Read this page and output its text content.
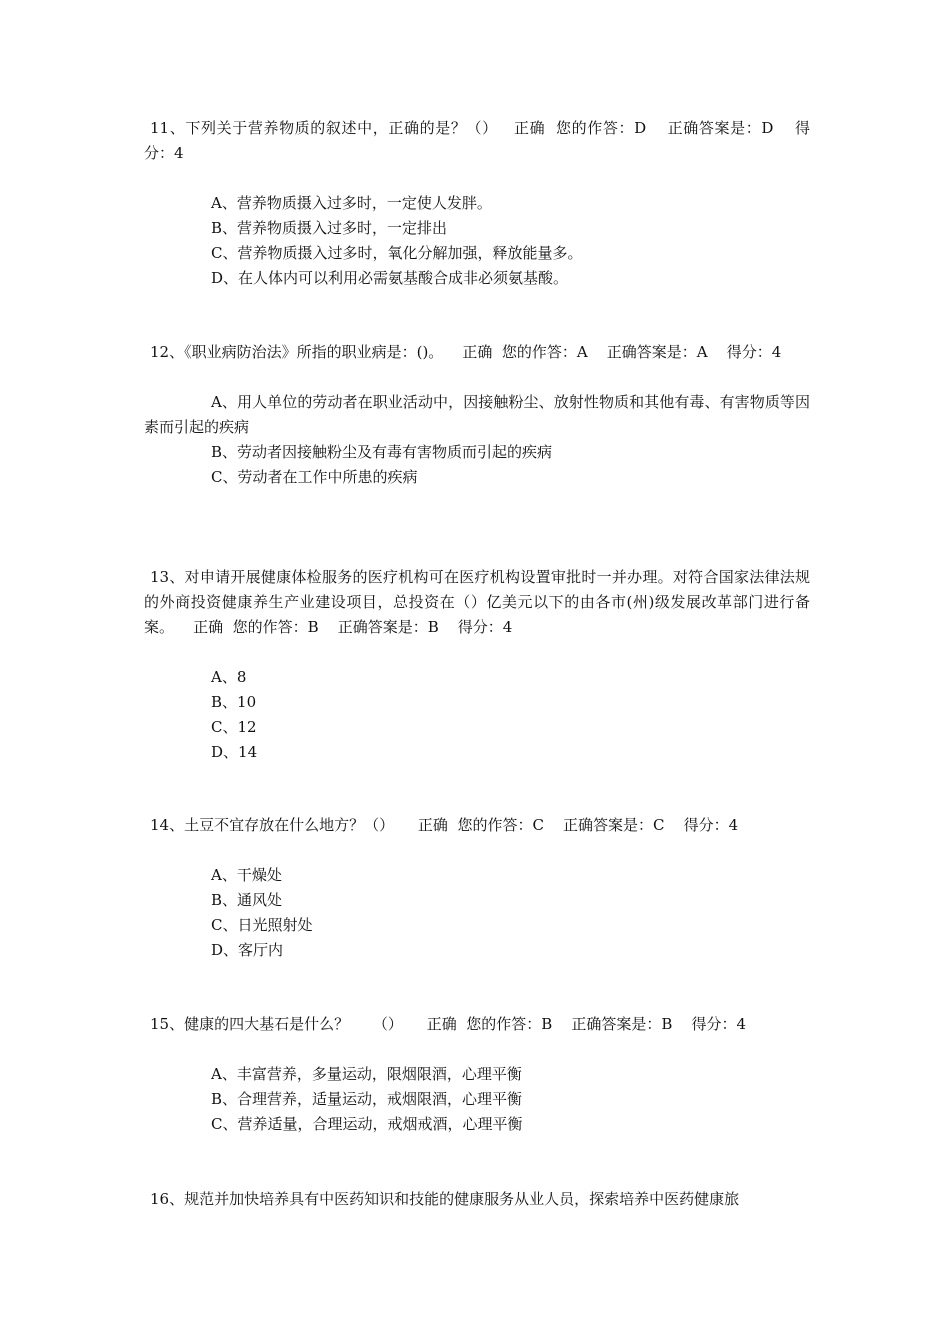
11、下列关于营养物质的叙述中，正确的是？（）   正确  您的作答：D    正确答案是：D    得分：4

A、营养物质摄入过多时，一定使人发胖。

B、营养物质摄入过多时，一定排出

C、营养物质摄入过多时，氧化分解加强，释放能量多。

D、在人体内可以利用必需氨基酸合成非必须氨基酸。

12、《职业病防治法》所指的职业病是：()。    正确  您的作答：A    正确答案是：A    得分：4

A、用人单位的劳动者在职业活动中，因接触粉尘、放射性物质和其他有毒、有害物质等因素而引起的疾病

B、劳动者因接触粉尘及有毒有害物质而引起的疾病

C、劳动者在工作中所患的疾病

13、对申请开展健康体检服务的医疗机构可在医疗机构设置审批时一并办理。对符合国家法律法规的外商投资健康养生产业建设项目，总投资在（）亿美元以下的由各市(州)级发展改革部门进行备案。    正确  您的作答：B    正确答案是：B    得分：4

A、8

B、10

C、12

D、14

14、土豆不宜存放在什么地方？（）     正确  您的作答：C    正确答案是：C    得分：4

A、干燥处

B、通风处

C、日光照射处

D、客厅内

15、健康的四大基石是什么？     （）     正确  您的作答：B    正确答案是：B    得分：4

A、丰富营养，多量运动，限烟限酒，心理平衡

B、合理营养，适量运动，戒烟限酒，心理平衡

C、营养适量，合理运动，戒烟戒酒，心理平衡

16、规范并加快培养具有中医药知识和技能的健康服务从业人员，探索培养中医药健康旅
